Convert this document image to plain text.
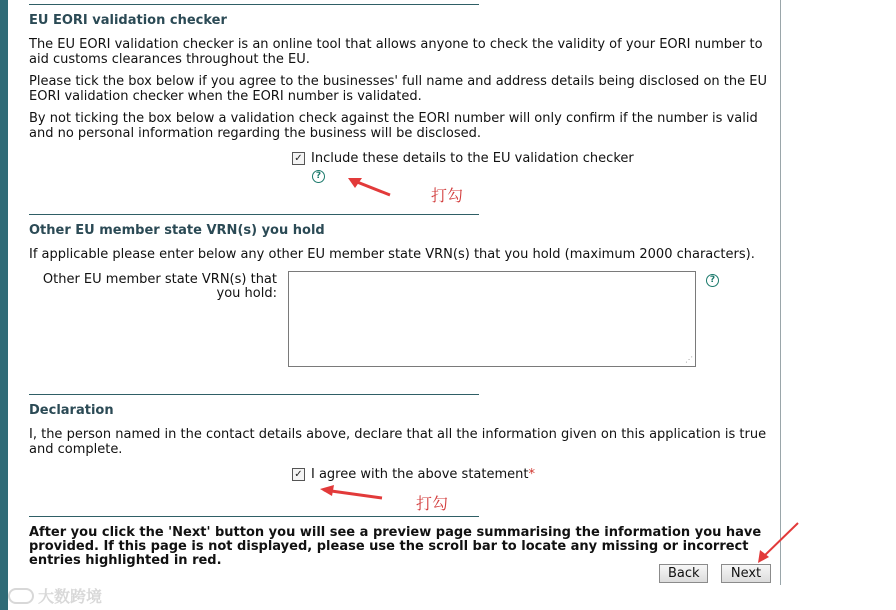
EU EORI validation checker
The EU EORI validation checker is an online tool that allows anyone to check the validity of your EORI number to aid customs clearances throughout the EU.
Please tick the box below if you agree to the businesses' full name and address details being disclosed on the EU EORI validation checker when the EORI number is validated.
By not ticking the box below a validation check against the EORI number will only confirm if the number is valid and no personal information regarding the business will be disclosed.
✓ Include these details to the EU validation checker
?
打勾
Other EU member state VRN(s) you hold
If applicable please enter below any other EU member state VRN(s) that you hold (maximum 2000 characters).
Other EU member state VRN(s) that you hold:
⋰
?
Declaration
I, the person named in the contact details above, declare that all the information given on this application is true and complete.
✓ I agree with the above statement*
打勾
After you click the 'Next' button you will see a preview page summarising the information you have provided. If this page is not displayed, please use the scroll bar to locate any missing or incorrect entries highlighted in red.
Back	Next
大数跨境
